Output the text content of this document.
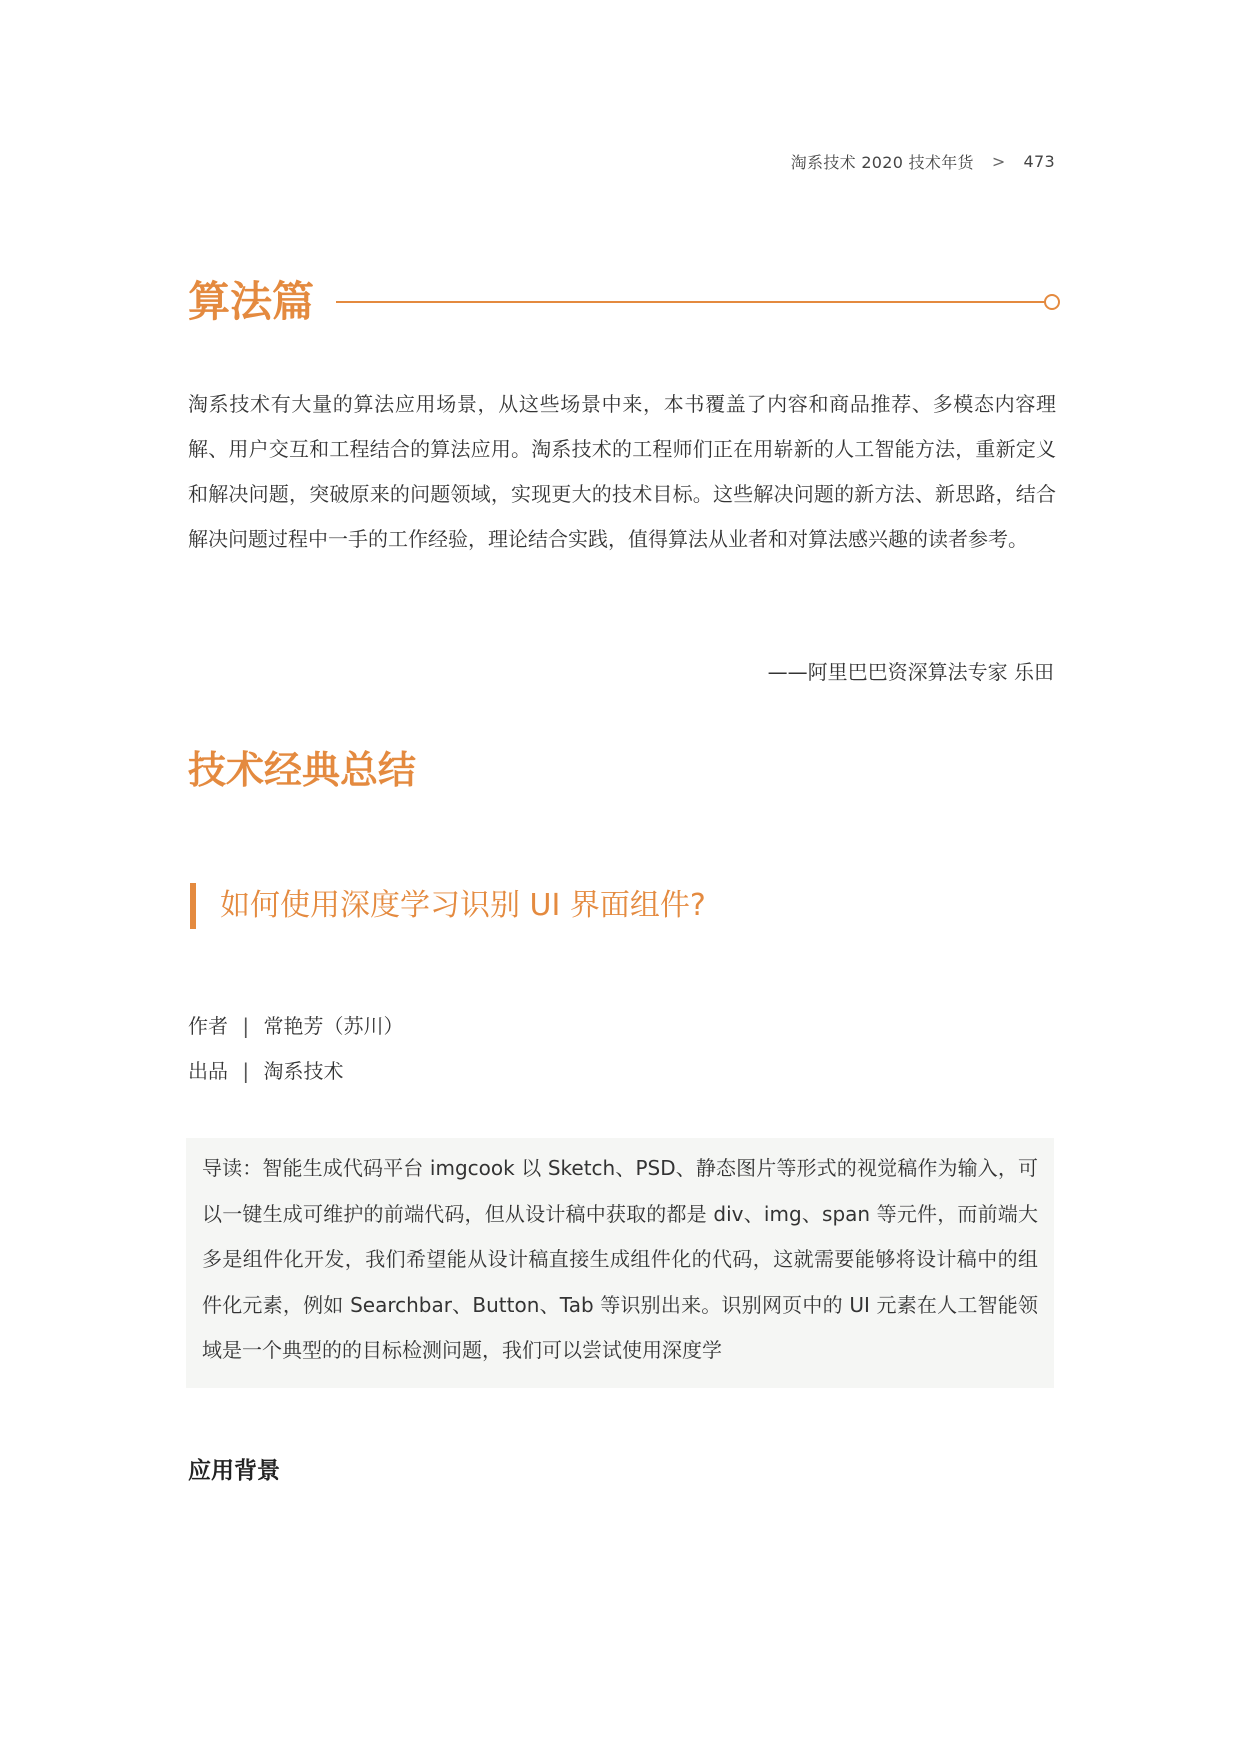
淘系技术 2020 技术年货	>	473
算法篇

淘系技术有大量的算法应用场景，从这些场景中来，本书覆盖了内容和商品推荐、多模态内容理解、用户交互和工程结合的算法应用。淘系技术的工程师们正在用崭新的人工智能方法，重新定义和解决问题，突破原来的问题领域，实现更大的技术目标。这些解决问题的新方法、新思路，结合解决问题过程中一手的工作经验，理论结合实践，值得算法从业者和对算法感兴趣的读者参考。

——阿里巴巴资深算法专家 乐田
技术经典总结
如何使用深度学习识别 UI 界面组件?
作者 | 常艳芳（苏川）
出品 | 淘系技术

导读：智能生成代码平台 imgcook 以 Sketch、PSD、静态图片等形式的视觉稿作为输入，可以一键生成可维护的前端代码，但从设计稿中获取的都是 div、img、span 等元件，而前端大多是组件化开发，我们希望能从设计稿直接生成组件化的代码，这就需要能够将设计稿中的组件化元素，例如 Searchbar、Button、Tab 等识别出来。识别网页中的 UI 元素在人工智能领域是一个典型的的目标检测问题，我们可以尝试使用深度学

应用背景
